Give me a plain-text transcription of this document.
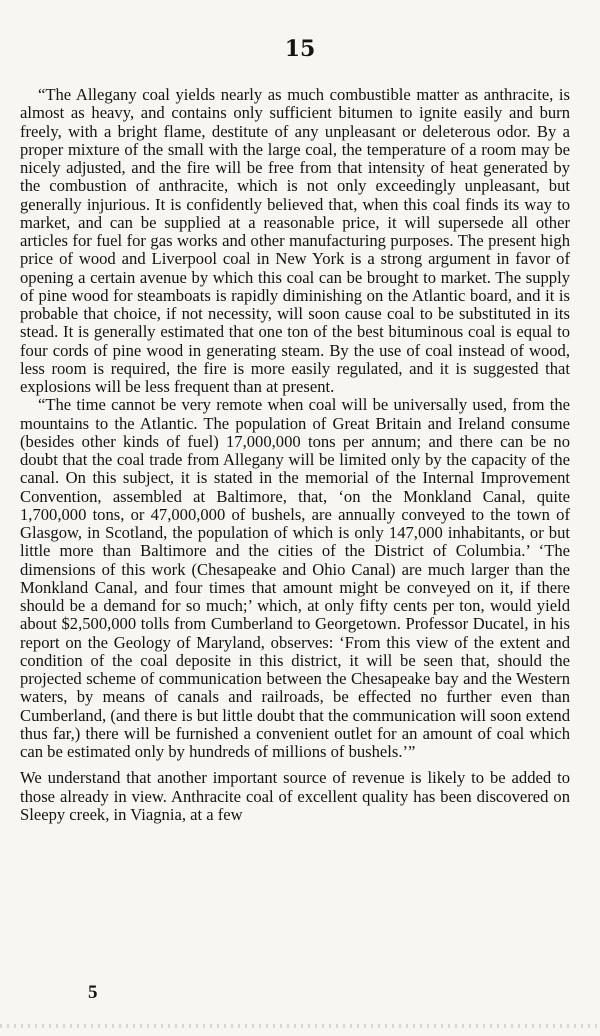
15

“The Allegany coal yields nearly as much combustible matter as anthracite, is almost as heavy, and contains only sufficient bitumen to ignite easily and burn freely, with a bright flame, destitute of any unpleasant or deleterous odor. By a proper mixture of the small with the large coal, the temperature of a room may be nicely adjusted, and the fire will be free from that intensity of heat generated by the combustion of anthracite, which is not only exceedingly unpleasant, but generally injurious. It is confidently believed that, when this coal finds its way to market, and can be supplied at a reasonable price, it will supersede all other articles for fuel for gas works and other manufacturing purposes. The present high price of wood and Liverpool coal in New York is a strong argument in favor of opening a certain avenue by which this coal can be brought to market. The supply of pine wood for steamboats is rapidly diminishing on the Atlantic board, and it is probable that choice, if not necessity, will soon cause coal to be substituted in its stead. It is generally estimated that one ton of the best bituminous coal is equal to four cords of pine wood in generating steam. By the use of coal instead of wood, less room is required, the fire is more easily regulated, and it is suggested that explosions will be less frequent than at present.

“The time cannot be very remote when coal will be universally used, from the mountains to the Atlantic. The population of Great Britain and Ireland consume (besides other kinds of fuel) 17,000,000 tons per annum; and there can be no doubt that the coal trade from Allegany will be limited only by the capacity of the canal. On this subject, it is stated in the memorial of the Internal Improvement Convention, assembled at Baltimore, that, ‘on the Monkland Canal, quite 1,700,000 tons, or 47,000,000 of bushels, are annually conveyed to the town of Glasgow, in Scotland, the population of which is only 147,000 inhabitants, or but little more than Baltimore and the cities of the District of Columbia.’ ‘The dimensions of this work (Chesapeake and Ohio Canal) are much larger than the Monkland Canal, and four times that amount might be conveyed on it, if there should be a demand for so much;’ which, at only fifty cents per ton, would yield about $2,500,000 tolls from Cumberland to Georgetown. Professor Ducatel, in his report on the Geology of Maryland, observes: ‘From this view of the extent and condition of the coal deposite in this district, it will be seen that, should the projected scheme of communication between the Chesapeake bay and the Western waters, by means of canals and railroads, be effected no further even than Cumberland, (and there is but little doubt that the communication will soon extend thus far,) there will be furnished a convenient outlet for an amount of coal which can be estimated only by hundreds of millions of bushels.’”

We understand that another important source of revenue is likely to be added to those already in view. Anthracite coal of excellent quality has been discovered on Sleepy creek, in Viagnia, at a few

5
